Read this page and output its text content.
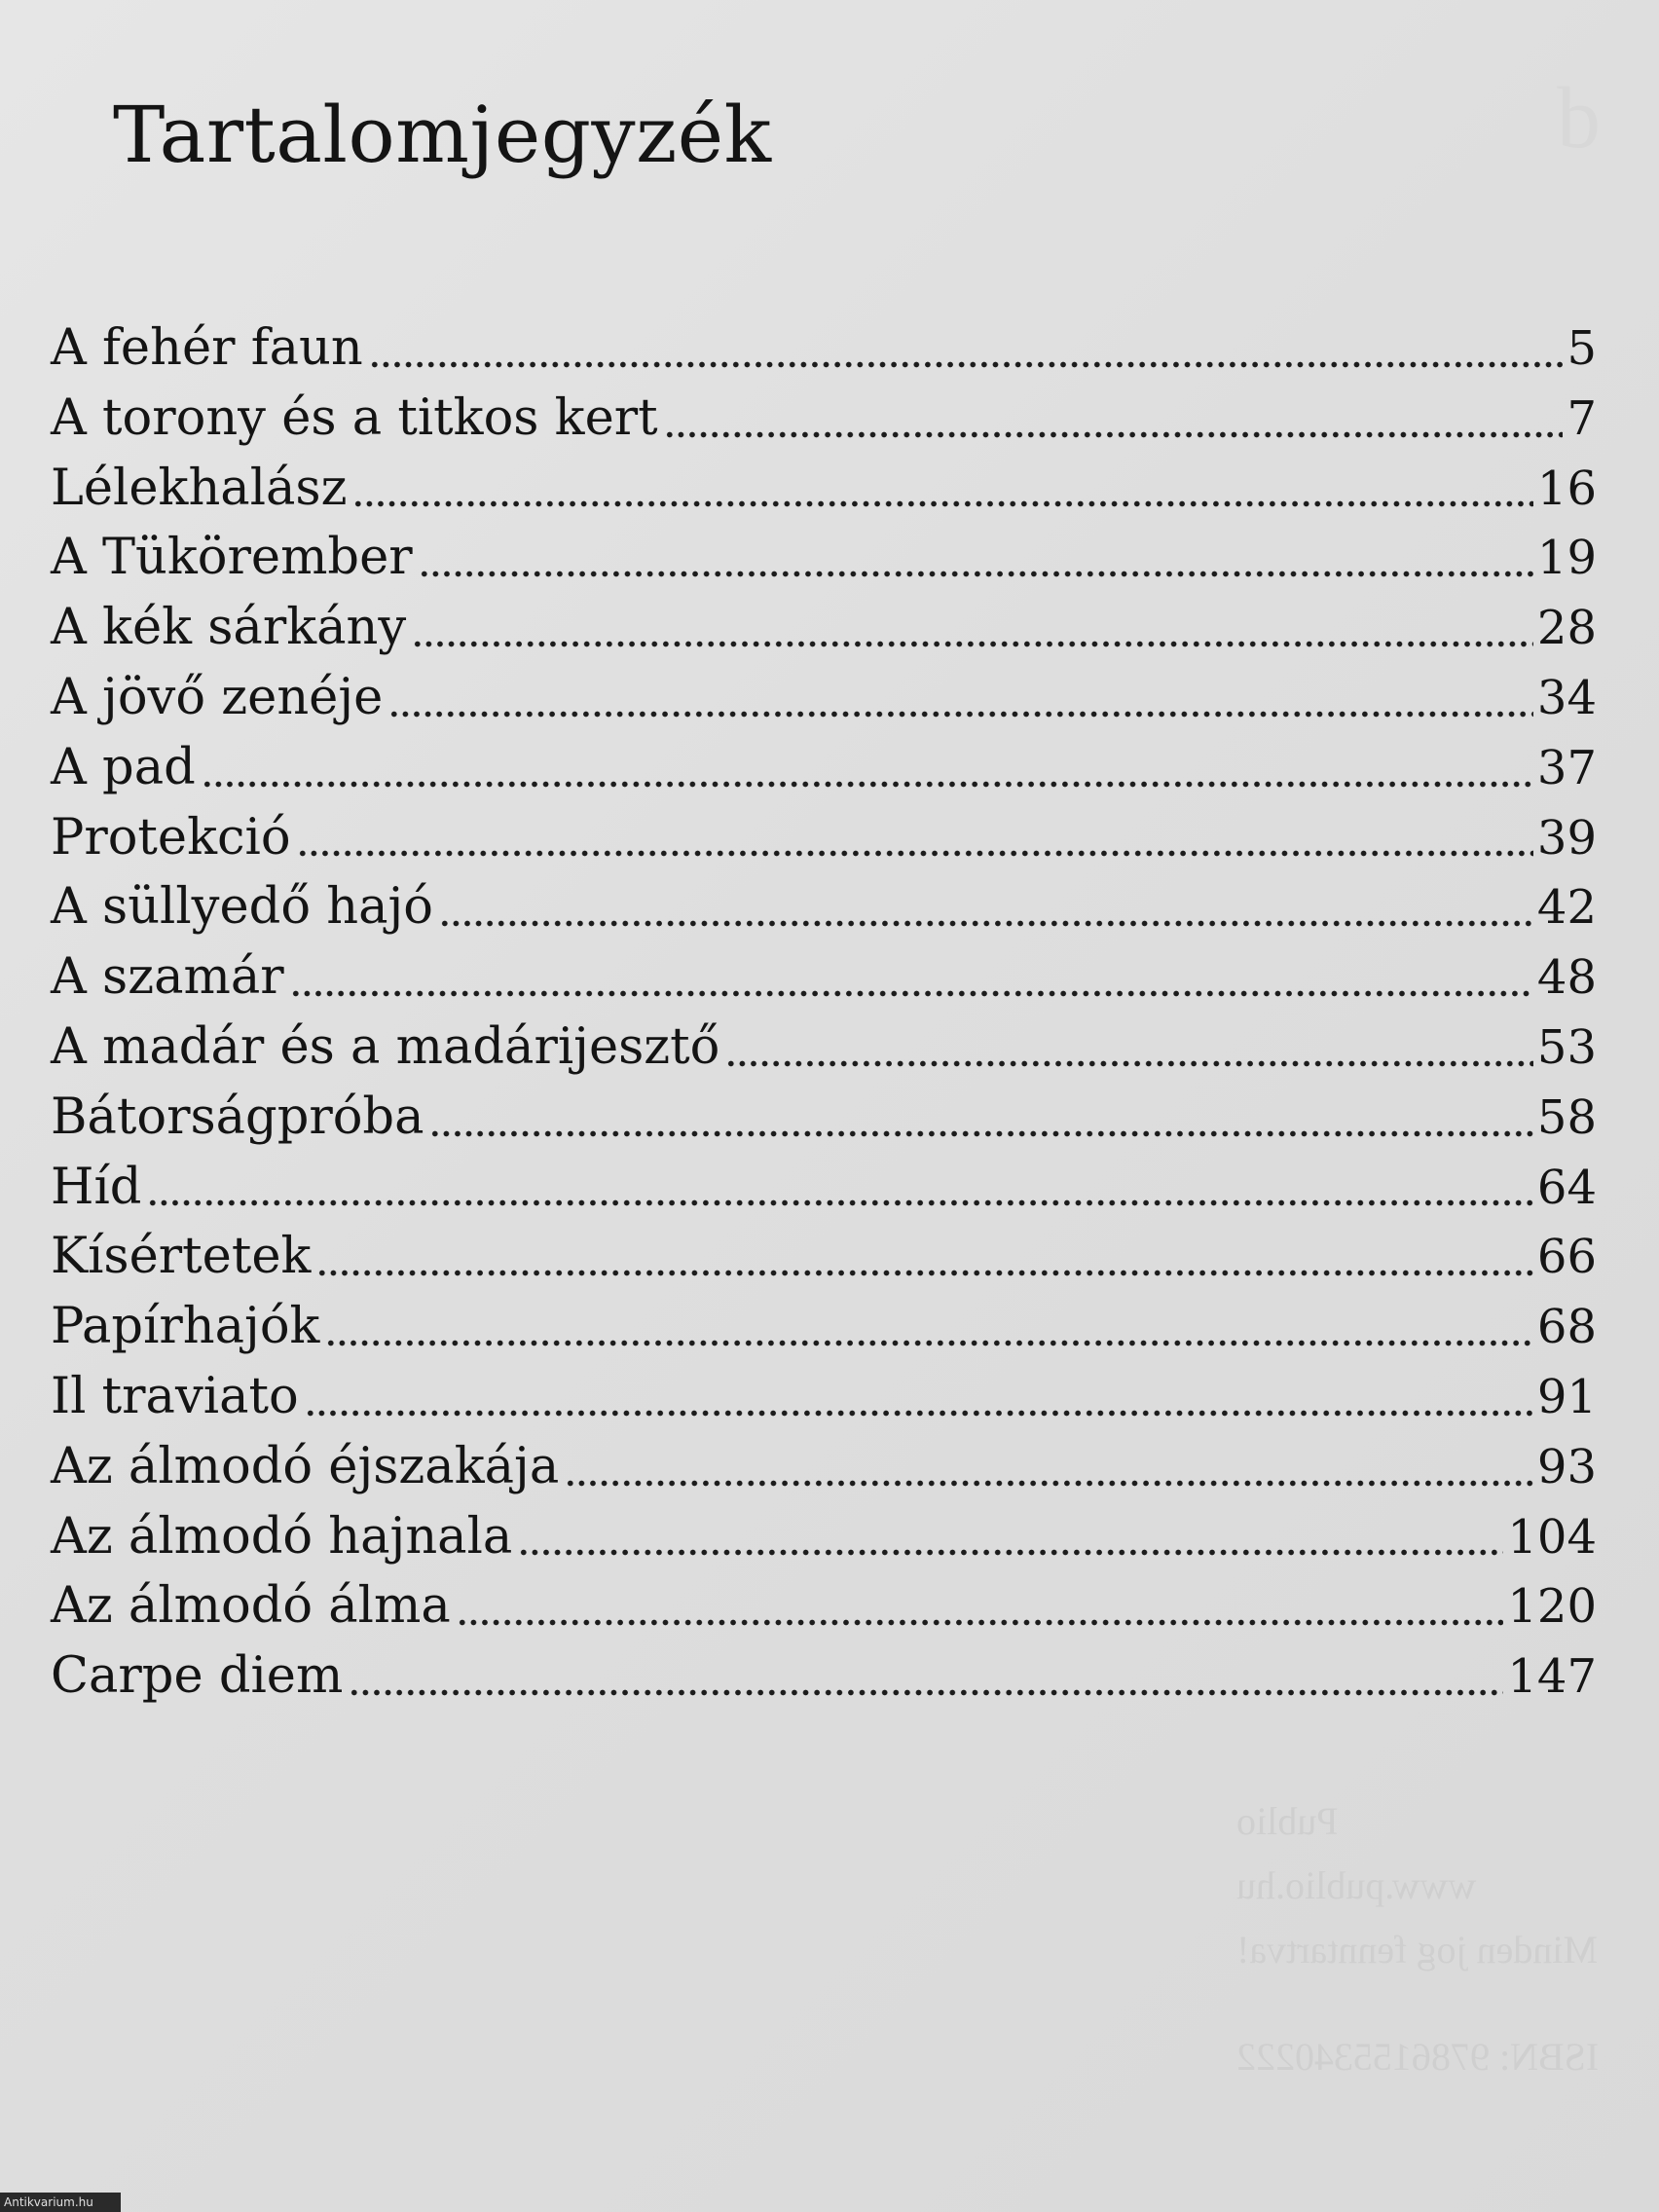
b
Tartalomjegyzék
A fehér faun	5
A torony és a titkos kert	7
Lélekhalász	16
A Tükörember	19
A kék sárkány	28
A jövő zenéje	34
A pad	37
Protekció	39
A süllyedő hajó	42
A szamár	48
A madár és a madárijesztő	53
Bátorságpróba	58
Híd	64
Kísértetek	66
Papírhajók	68
Il traviato	91
Az álmodó éjszakája	93
Az álmodó hajnala	104
Az álmodó álma	120
Carpe diem	147
Publio
www.publio.hu
Minden jog fenntartva!
ISBN: 9786155340222
Antikvarium.hu
